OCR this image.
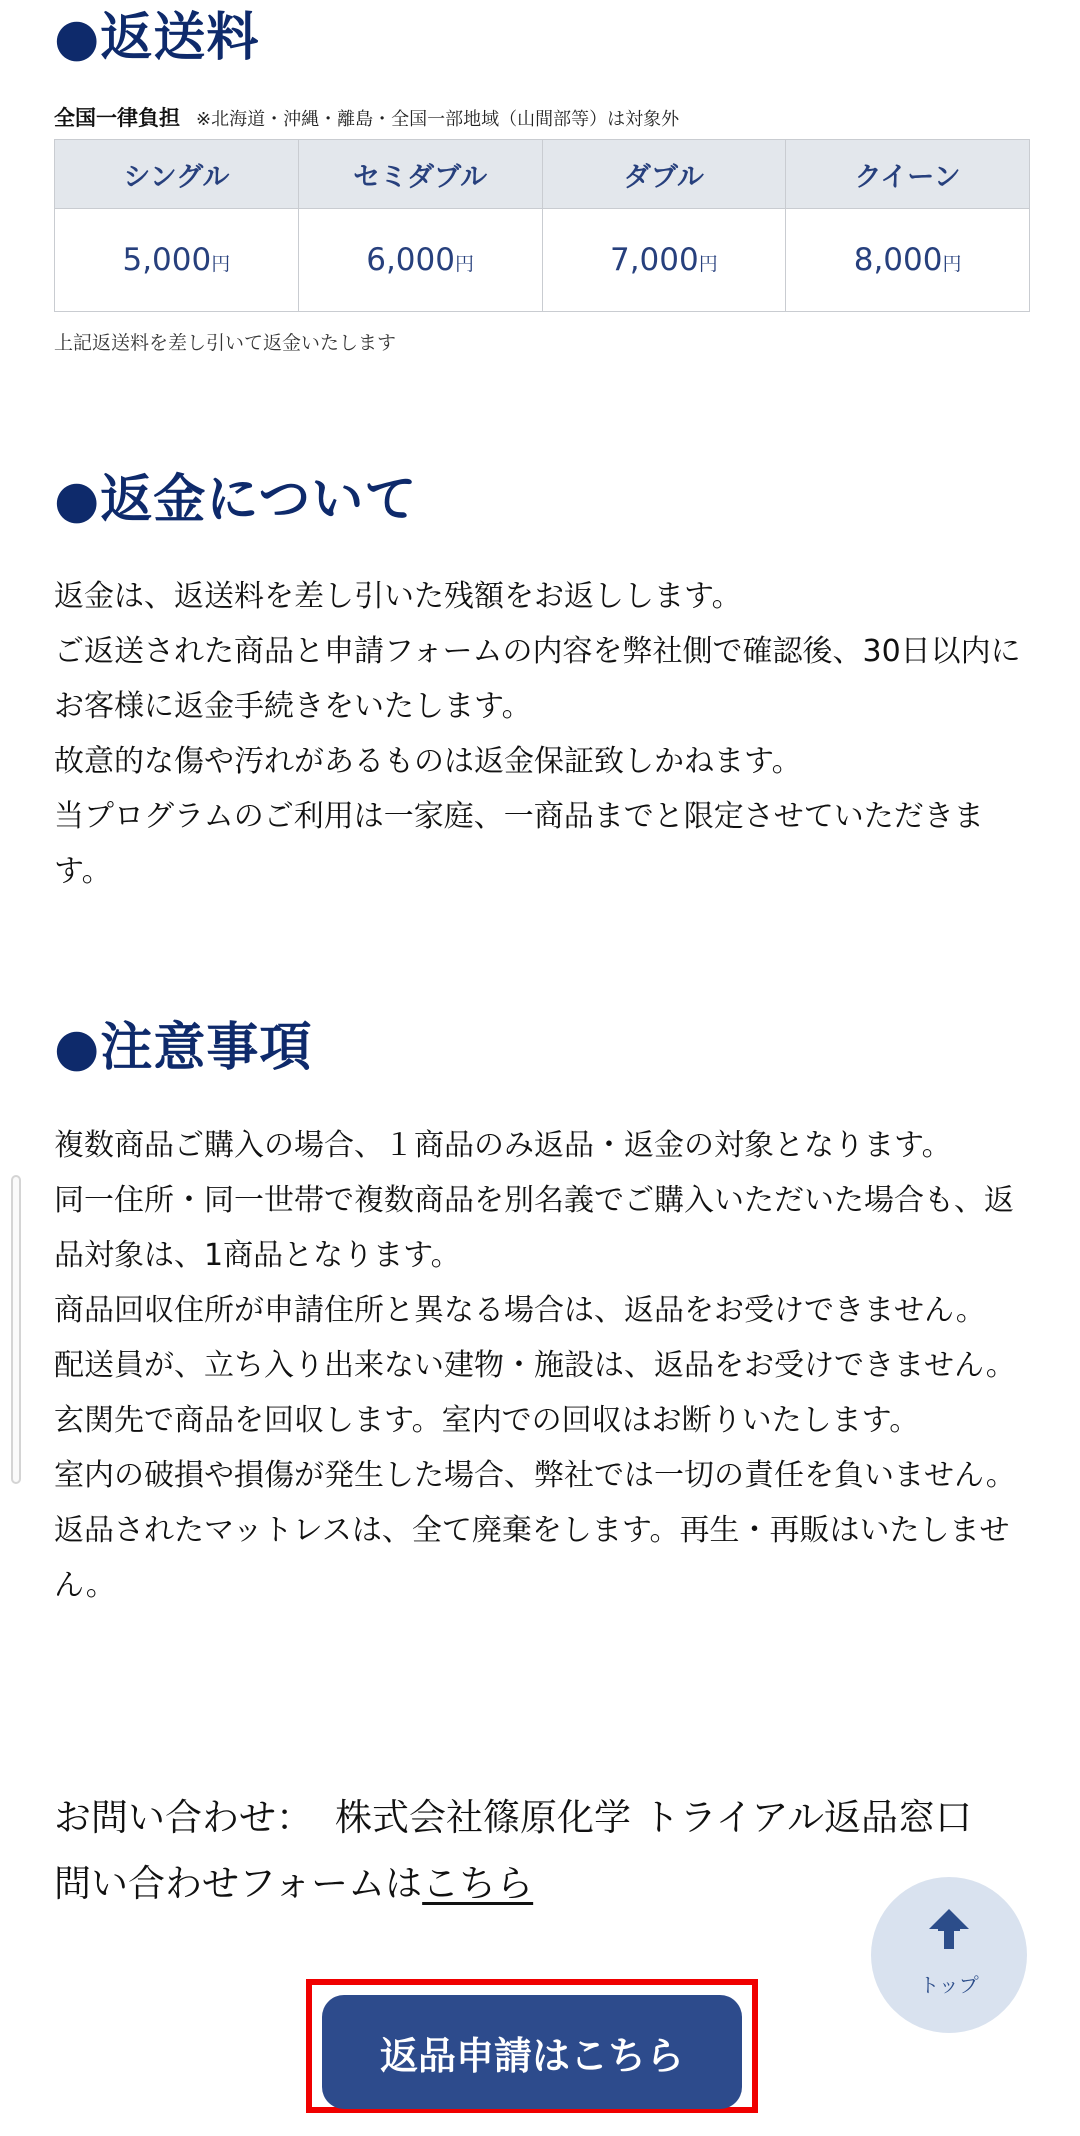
●返送料
全国一律負担 ※北海道・沖縄・離島・全国一部地域（山間部等）は対象外
シングル	セミダブル	ダブル	クイーン
5,000円	6,000円	7,000円	8,000円
上記返送料を差し引いて返金いたします
●返金について

返金は、返送料を差し引いた残額をお返しします。

ご返送された商品と申請フォームの内容を弊社側で確認後、30日以内にお客様に返金手続きをいたします。

故意的な傷や汚れがあるものは返金保証致しかねます。

当プログラムのご利用は一家庭、一商品までと限定させていただきます。

●注意事項

複数商品ご購入の場合、１商品のみ返品・返金の対象となります。

同一住所・同一世帯で複数商品を別名義でご購入いただいた場合も、返品対象は、1商品となります。

商品回収住所が申請住所と異なる場合は、返品をお受けできません。

配送員が、立ち入り出来ない建物・施設は、返品をお受けできません。

玄関先で商品を回収します。室内での回収はお断りいたします。

室内の破損や損傷が発生した場合、弊社では一切の責任を負いません。

返品されたマットレスは、全て廃棄をします。再生・再販はいたしません。

お問い合わせ： 株式会社篠原化学 トライアル返品窓口

問い合わせフォームはこちら

トップ
返品申請はこちら
